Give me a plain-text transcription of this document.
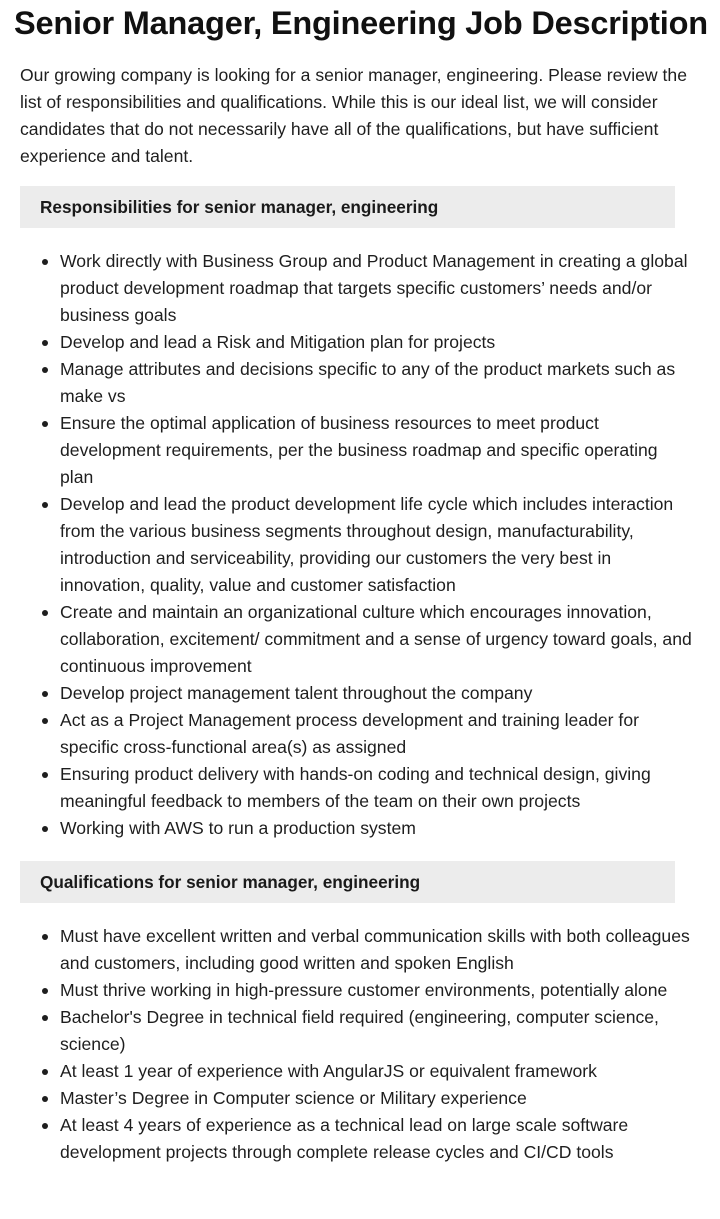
Senior Manager, Engineering Job Description

Our growing company is looking for a senior manager, engineering. Please review the list of responsibilities and qualifications. While this is our ideal list, we will consider candidates that do not necessarily have all of the qualifications, but have sufficient experience and talent.

Responsibilities for senior manager, engineering
Work directly with Business Group and Product Management in creating a global product development roadmap that targets specific customers’ needs and/or business goals
Develop and lead a Risk and Mitigation plan for projects
Manage attributes and decisions specific to any of the product markets such as make vs
Ensure the optimal application of business resources to meet product development requirements, per the business roadmap and specific operating plan
Develop and lead the product development life cycle which includes interaction from the various business segments throughout design, manufacturability, introduction and serviceability, providing our customers the very best in innovation, quality, value and customer satisfaction
Create and maintain an organizational culture which encourages innovation, collaboration, excitement/ commitment and a sense of urgency toward goals, and continuous improvement
Develop project management talent throughout the company
Act as a Project Management process development and training leader for specific cross-functional area(s) as assigned
Ensuring product delivery with hands-on coding and technical design, giving meaningful feedback to members of the team on their own projects
Working with AWS to run a production system
Qualifications for senior manager, engineering
Must have excellent written and verbal communication skills with both colleagues and customers, including good written and spoken English
Must thrive working in high-pressure customer environments, potentially alone
Bachelor's Degree in technical field required (engineering, computer science, science)
At least 1 year of experience with AngularJS or equivalent framework
Master’s Degree in Computer science or Military experience
At least 4 years of experience as a technical lead on large scale software development projects through complete release cycles and CI/CD tools
